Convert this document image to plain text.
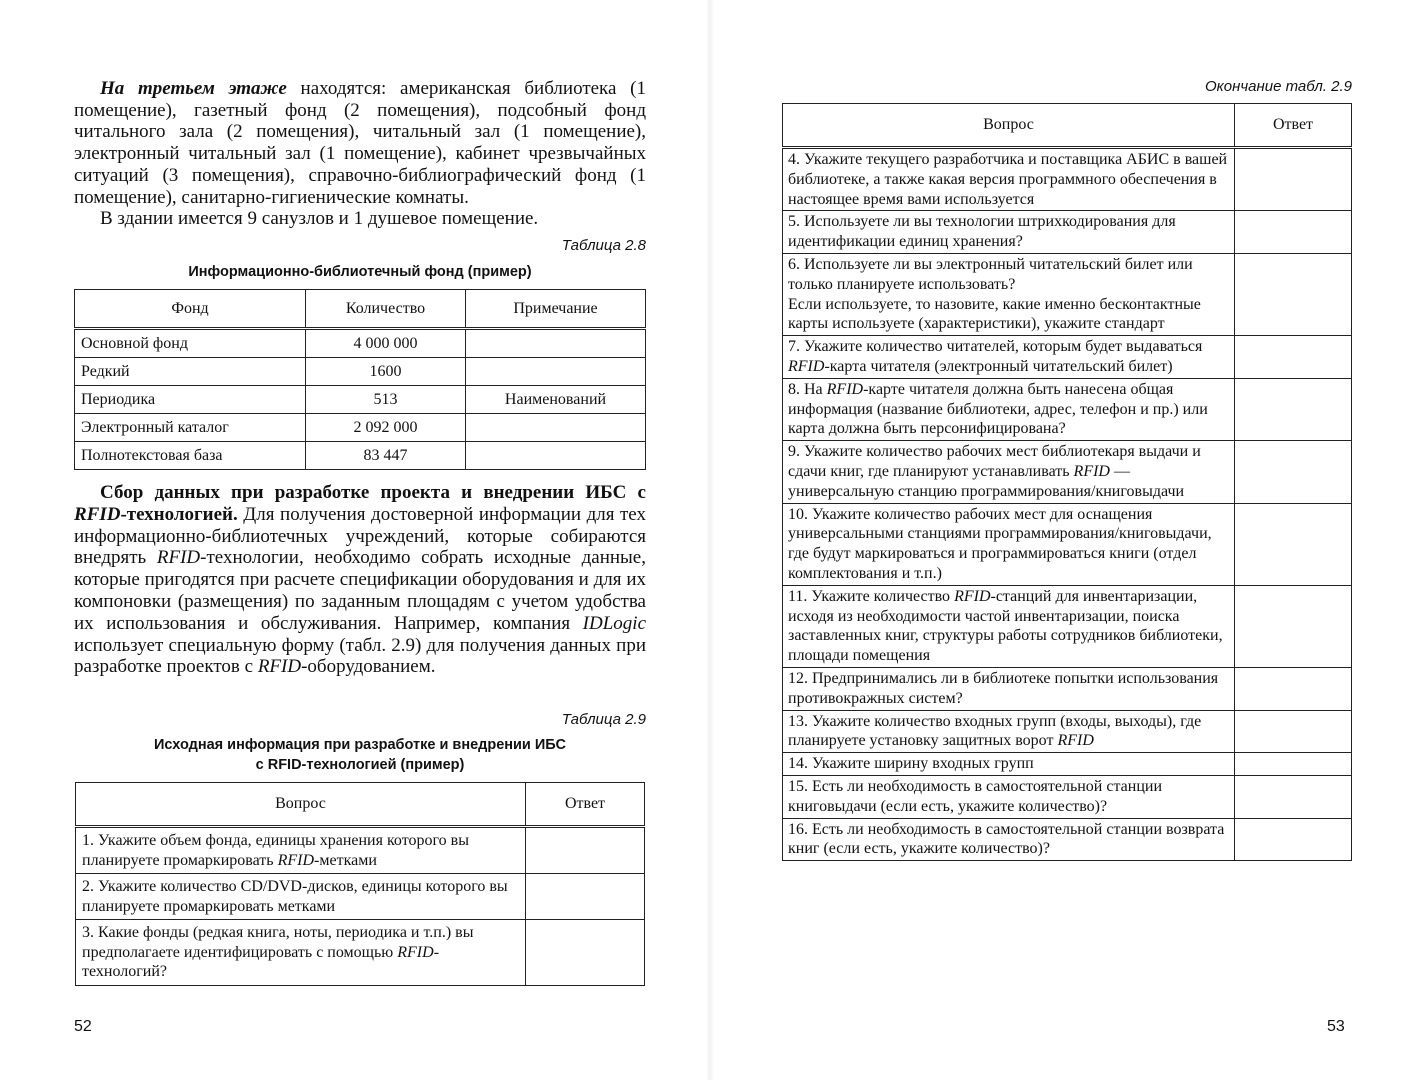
На третьем этаже находятся: американская библиотека (1 помещение), газетный фонд (2 помещения), подсобный фонд читального зала (2 помещения), читальный зал (1 помещение), электронный читальный зал (1 помещение), кабинет чрезвычайных ситуаций (3 помещения), справочно-библиографический фонд (1 помещение), санитарно-гигиенические комнаты.

В здании имеется 9 санузлов и 1 душевое помещение.

Таблица 2.8
Информационно-библиотечный фонд (пример)
Фонд	Количество	Примечание
Основной фонд	4 000 000	
Редкий	1600	
Периодика	513	Наименований
Электронный каталог	2 092 000	
Полнотекстовая база	83 447	
Сбор данных при разработке проекта и внедрении ИБС с RFID-технологией. Для получения достоверной информации для тех информационно-библиотечных учреждений, которые собираются внедрять RFID-технологии, необходимо собрать исходные данные, которые пригодятся при расчете спецификации оборудования и для их компоновки (размещения) по заданным площадям с учетом удобства их использования и обслуживания. Например, компания IDLogic использует специальную форму (табл. 2.9) для получения данных при разработке проектов с RFID-оборудованием.
Таблица 2.9
Исходная информация при разработке и внедрении ИБС
с RFID-технологией (пример)
Вопрос	Ответ
1. Укажите объем фонда, единицы хранения которого вы планируете промаркировать RFID-метками	
2. Укажите количество CD/DVD-дисков, единицы которого вы планируете промаркировать метками	
3. Какие фонды (редкая книга, ноты, периодика и т.п.) вы предполагаете идентифицировать с помощью RFID-технологий?	
52
Окончание табл. 2.9
Вопрос	Ответ
4. Укажите текущего разработчика и поставщика АБИС в вашей библиотеке, а также какая версия программного обеспечения в настоящее время вами используется	
5. Используете ли вы технологии штрихкодирования для идентификации единиц хранения?	

6. Используете ли вы электронный читательский билет или только планируете использовать?
Если используете, то назовите, какие именно бесконтактные карты используете (характеристики), укажите стандарт	

7. Укажите количество читателей, которым будет выдаваться RFID-карта читателя (электронный читательский билет)	
8. На RFID-карте читателя должна быть нанесена общая информация (название библиотеки, адрес, телефон и пр.) или карта должна быть персонифицирована?	
9. Укажите количество рабочих мест библиотекаря выдачи и сдачи книг, где планируют устанавливать RFID — универсальную станцию программирования/книговыдачи	
10. Укажите количество рабочих мест для оснащения универсальными станциями программирования/книговыдачи, где будут маркироваться и программироваться книги (отдел комплектования и т.п.)	
11. Укажите количество RFID-станций для инвентаризации, исходя из необходимости частой инвентаризации, поиска заставленных книг, структуры работы сотрудников библиотеки, площади помещения	
12. Предпринимались ли в библиотеке попытки использования противокражных систем?	
13. Укажите количество входных групп (входы, выходы), где планируете установку защитных ворот RFID	
14. Укажите ширину входных групп	
15. Есть ли необходимость в самостоятельной станции книговыдачи (если есть, укажите количество)?	
16. Есть ли необходимость в самостоятельной станции возврата книг (если есть, укажите количество)?	
53
